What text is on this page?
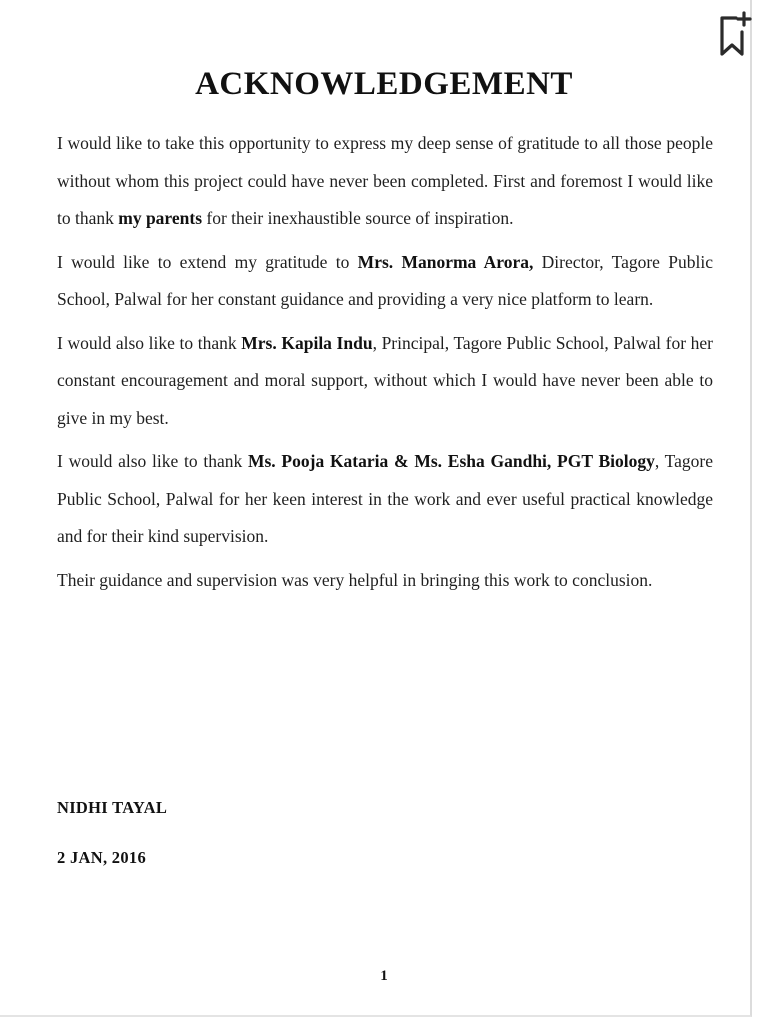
ACKNOWLEDGEMENT

I would like to take this opportunity to express my deep sense of gratitude to all those people without whom this project could have never been completed. First and foremost I would like to thank my parents for their inexhaustible source of inspiration.

I would like to extend my gratitude to Mrs. Manorma Arora, Director, Tagore Public School, Palwal for her constant guidance and providing a very nice platform to learn.

I would also like to thank Mrs. Kapila Indu, Principal, Tagore Public School, Palwal for her constant encouragement and moral support, without which I would have never been able to give in my best.

I would also like to thank Ms. Pooja Kataria & Ms. Esha Gandhi, PGT Biology, Tagore Public School, Palwal for her keen interest in the work and ever useful practical knowledge and for their kind supervision.

Their guidance and supervision was very helpful in bringing this work to conclusion.

NIDHI TAYAL
2 JAN, 2016
1
